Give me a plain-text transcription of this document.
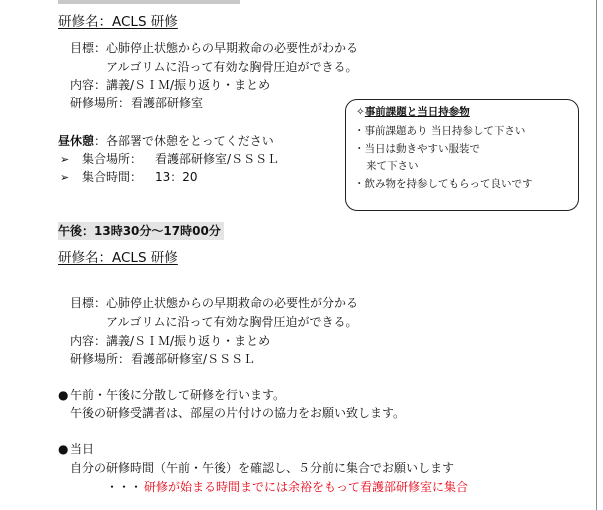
研修名：ACLS 研修
目標： 心肺停止状態からの早期救命の必要性がわかる
アルゴリムに沿って有効な胸骨圧迫ができる。
内容： 講義/ＳＩＭ/振り返り・まとめ
研修場所： 看護部研修室
昼休憩：各部署で休憩をとってください
➢ 集合場所： 看護部研修室/ＳＳＳＬ
➢ 集合時間： 13：20
✧事前課題と当日持参物
・事前課題あり 当日持参して下さい
・当日は動きやすい服装で
来て下さい
・飲み物を持参してもらって良いです
午後：13時30分～17時00分
研修名：ACLS 研修
目標： 心肺停止状態からの早期救命の必要性が分かる
アルゴリムに沿って有効な胸骨圧迫ができる。
内容： 講義/ＳＩＭ/振り返り・まとめ
研修場所： 看護部研修室/ＳＳＳＬ
● 午前・午後に分散して研修を行います。
午後の研修受講者は、部屋の片付けの協力をお願い致します。
● 当日
自分の研修時間（午前・午後）を確認し、５分前に集合でお願いします
・・・ 研修が始まる時間までには余裕をもって看護部研修室に集合
